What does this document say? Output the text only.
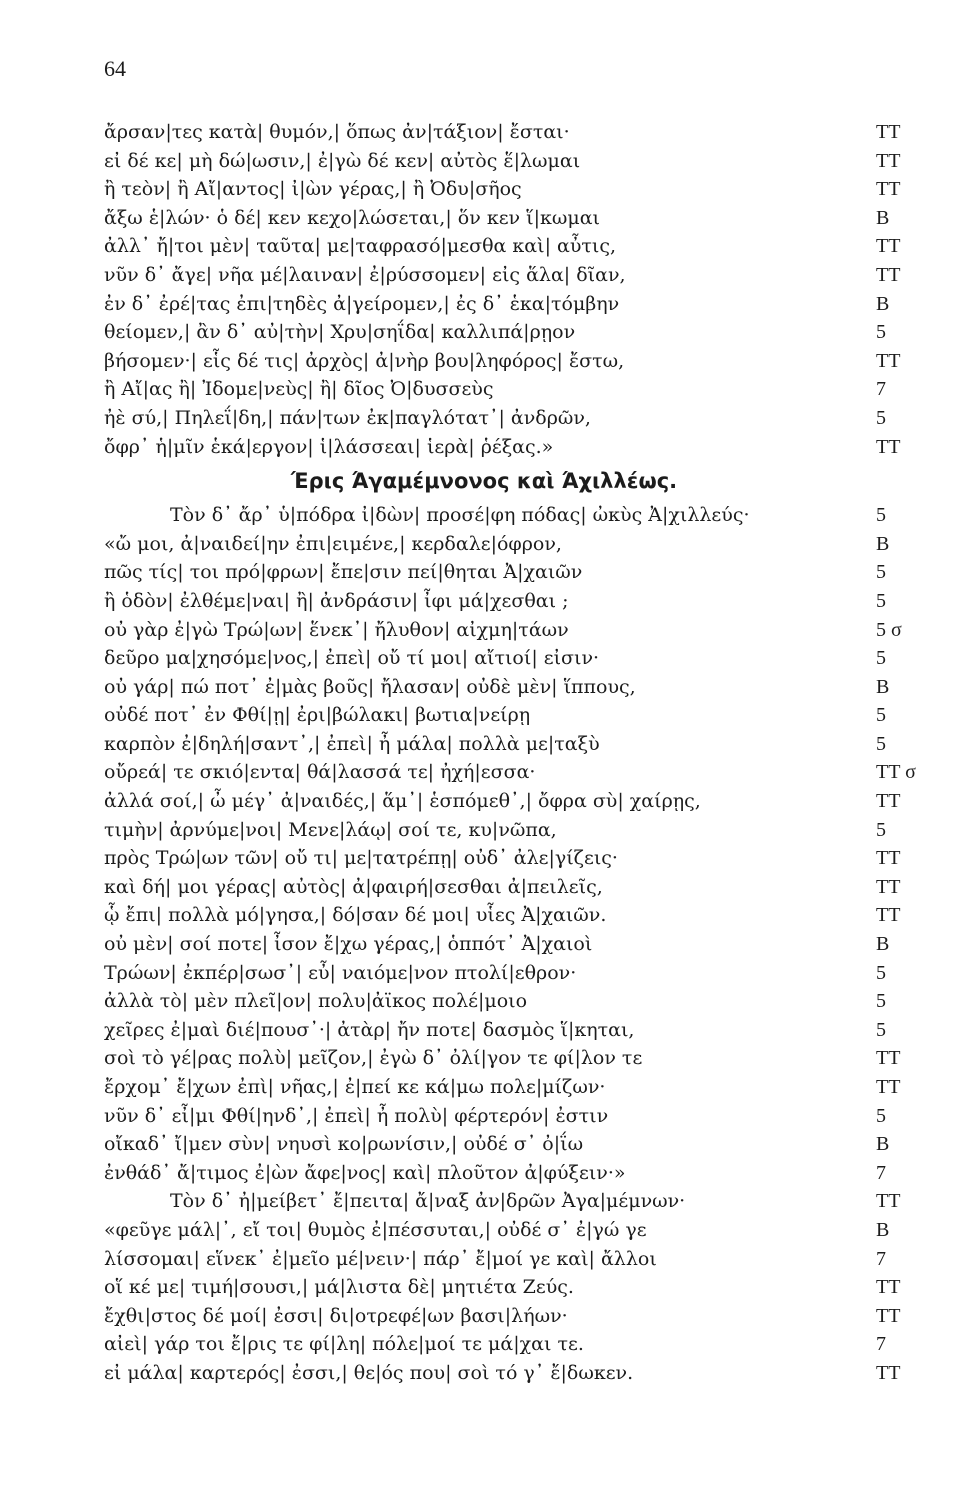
64
ἄρσαν|τες κατὰ| θυμόν,| ὅπως ἀν|τάξιον| ἔσται·	TT
εἰ δέ κε| μὴ δώ|ωσιν,| ἐ|γὼ δέ κεν| αὐτὸς ἕ|λωμαι	TT
ἢ τεὸν| ἢ Αἴ|αντος| ἰ|ὼν γέρας,| ἢ Ὀδυ|σῆος	TT
ἄξω ἑ|λών· ὁ δέ| κεν κεχο|λώσεται,| ὅν κεν ἵ|κωμαι	B
ἀλλ᾽ ἤ|τοι μὲν| ταῦτα| με|ταφρασό|μεσθα καὶ| αὖτις,	TT
νῦν δ᾽ ἄγε| νῆα μέ|λαιναν| ἐ|ρύσσομεν| εἰς ἅλα| δῖαν,	TT
ἐν δ᾽ ἐρέ|τας ἐπι|τηδὲς ἀ|γείρομεν,| ἐς δ᾽ ἑκα|τόμβην	B
θείομεν,| ἂν δ᾽ αὐ|τὴν| Χρυ|σηΐδα| καλλιπά|ρῃον	5
βήσομεν·| εἷς δέ τις| ἀρχὸς| ἀ|νὴρ βου|ληφόρος| ἔστω,	TT
ἢ Αἴ|ας ἢ| Ἰδομε|νεὺς| ἢ| δῖος Ὀ|δυσσεὺς	7
ἠὲ σύ,| Πηλεΐ|δη,| πάν|των ἐκ|παγλότατ᾽| ἀνδρῶν,	5
ὄφρ᾽ ἡ|μῖν ἑκά|εργον| ἱ|λάσσεαι| ἱερὰ| ῥέξας.»	TT
Έρις Άγαμέμνονος καὶ Άχιλλέως.
Τὸν δ᾽ ἄρ᾽ ὑ|πόδρα ἰ|δὼν| προσέ|φη πόδας| ὠκὺς Ἀ|χιλλεύς·	5
«ὤ μοι, ἀ|ναιδεί|ην ἐπι|ειμένε,| κερδαλε|όφρον,	B
πῶς τίς| τοι πρό|φρων| ἔπε|σιν πεί|θηται Ἀ|χαιῶν	5
ἢ ὁδὸν| ἐλθέμε|ναι| ἢ| ἀνδράσιν| ἶφι μά|χεσθαι ;	5
οὐ γὰρ ἐ|γὼ Τρώ|ων| ἕνεκ᾽| ἤλυθον| αἰχμη|τάων	5 σ
δεῦρο μα|χησόμε|νος,| ἐπεὶ| οὔ τί μοι| αἴτιοί| εἰσιν·	5
οὐ γάρ| πώ ποτ᾽ ἐ|μὰς βοῦς| ἤλασαν| οὐδὲ μὲν| ἵππους,	B
οὐδέ ποτ᾽ ἐν Φθί|ῃ| ἐρι|βώλακι| βωτια|νείρῃ	5
καρπὸν ἐ|δηλή|σαντ᾽,| ἐπεὶ| ἦ μάλα| πολλὰ με|ταξὺ	5
οὔρεά| τε σκιό|εντα| θά|λασσά τε| ἠχή|εσσα·	TT σ
ἀλλά σοί,| ὦ μέγ᾽ ἀ|ναιδές,| ἅμ᾽| ἑσπόμεθ᾽,| ὄφρα σὺ| χαίρῃς,	TT
τιμὴν| ἀρνύμε|νοι| Μενε|λάῳ| σοί τε, κυ|νῶπα,	5
πρὸς Τρώ|ων τῶν| οὔ τι| με|τατρέπῃ| οὐδ᾽ ἀλε|γίζεις·	TT
καὶ δή| μοι γέρας| αὐτὸς| ἀ|φαιρή|σεσθαι ἀ|πειλεῖς,	TT
ᾧ ἔπι| πολλὰ μό|γησα,| δό|σαν δέ μοι| υἷες Ἀ|χαιῶν.	TT
οὐ μὲν| σοί ποτε| ἶσον ἔ|χω γέρας,| ὁππότ᾽ Ἀ|χαιοὶ	B
Τρώων| ἐκπέρ|σωσ᾽| εὖ| ναιόμε|νον πτολί|εθρον·	5
ἀλλὰ τὸ| μὲν πλεῖ|ον| πολυ|ἀϊκος πολέ|μοιο	5
χεῖρες ἐ|μαὶ διέ|πουσ᾽·| ἀτὰρ| ἤν ποτε| δασμὸς ἵ|κηται,	5
σοὶ τὸ γέ|ρας πολὺ| μεῖζον,| ἐγὼ δ᾽ ὀλί|γον τε φί|λον τε	TT
ἔρχομ᾽ ἔ|χων ἐπὶ| νῆας,| ἐ|πεί κε κά|μω πολε|μίζων·	TT
νῦν δ᾽ εἶ|μι Φθί|ηνδ᾽,| ἐπεὶ| ἦ πολὺ| φέρτερόν| ἐστιν	5
οἴκαδ᾽ ἴ|μεν σὺν| νηυσὶ κο|ρωνίσιν,| οὐδέ σ᾽ ὀ|ΐω	B
ἐνθάδ᾽ ἄ|τιμος ἐ|ὼν ἄφε|νος| καὶ| πλοῦτον ἀ|φύξειν·»	7
Τὸν δ᾽ ἠ|μείβετ᾽ ἔ|πειτα| ἄ|ναξ ἀν|δρῶν Ἀγα|μέμνων·	TT
«φεῦγε μάλ|᾽, εἴ τοι| θυμὸς ἐ|πέσσυται,| οὐδέ σ᾽ ἐ|γώ γε	B
λίσσομαι| εἵνεκ᾽ ἐ|μεῖο μέ|νειν·| πάρ᾽ ἔ|μοί γε καὶ| ἄλλοι	7
οἵ κέ με| τιμή|σουσι,| μά|λιστα δὲ| μητιέτα Ζεύς.	TT
ἔχθι|στος δέ μοί| ἐσσι| δι|οτρεφέ|ων βασι|λήων·	TT
αἰεὶ| γάρ τοι ἔ|ρις τε φί|λη| πόλε|μοί τε μά|χαι τε.	7
εἰ μάλα| καρτερός| ἐσσι,| θε|ός που| σοὶ τό γ᾽ ἔ|δωκεν.	TT
